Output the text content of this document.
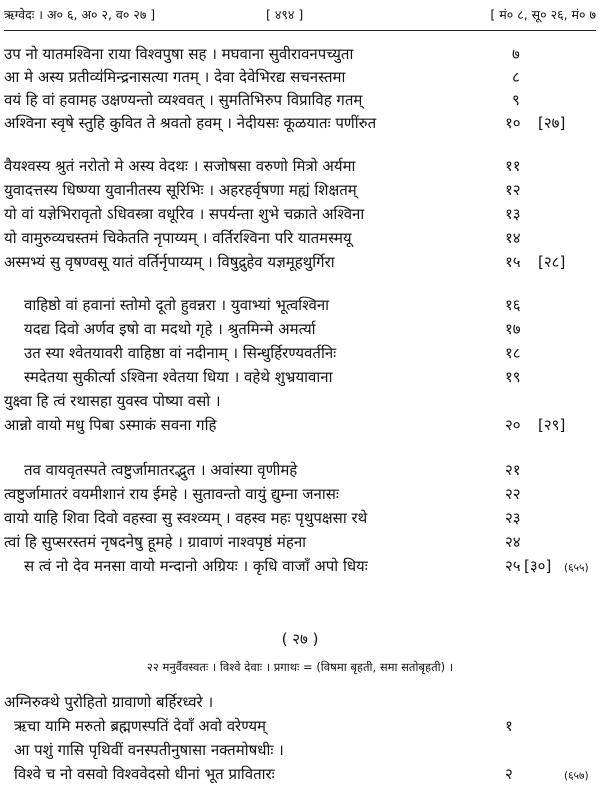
ऋग्वेदः । अ० ६, अ० २, व० २७ ]	[ ४९४ ]	[ मं० ८, सू० २६, मं० ७
उप नो यातमश्विना राया विश्वपुषा सह । मघवाना सुवीरावनपच्युता	७
आ मे अस्य प्रतीव्य॑मिन्द्रनासत्या गतम् । देवा देवेभिरद्य सचनस्तमा	८
वयं हि वां हवामह उक्षण्यन्तो व्यश्ववत् । सुमतिभिरुप विप्राविह गतम्	९
अश्विना स्वृषे स्तुहि कुवित ते श्रवतो हवम् । नेदीयसः कूळयातः पणींरुत	१० [२७]
वैयश्वस्य श्रुतं नरोतो मे अस्य वेदथः । सजोषसा वरुणो मित्रो अर्यमा	११
युवादत्तस्य धिष्ण्या युवानीतस्य सूरिभिः । अहरहर्वृषणा मह्यं शिक्षतम्	१२
यो वां यज्ञेभिरावृतो ऽधिवस्त्रा वधूरिव । सपर्यन्ता शुभे चक्राते अश्विना	१३
यो वामुरुव्यचस्तमं चिकेतति नृपाय्यम् । वर्तिरश्विना परि यातमस्मयू	१४
अस्मभ्यं सु वृषण्वसू यातं वर्तिर्नृपाय्यम् । विषुद्रुहेव यज्ञमूहथुर्गिरा	१५ [२८]
वाहिष्ठो वां हवानां स्तोमो दूतो हुवन्नरा । युवाभ्यां भूत्वश्विना	१६
यदद्य दिवो अर्णव इषो वा मदथो गृहे । श्रुतमिन्मे अमर्त्या	१७
उत स्या श्वेतयावरी वाहिष्ठा वां नदीनाम् । सिन्धुर्हिरण्यवर्तनिः	१८
स्मदेतया सुकीर्त्या ऽश्विना श्वेतया धिया । वहेथे शुभ्रयावाना	१९
युक्ष्वा हि त्वं रथासहा युवस्व पोष्या वसो ।
आन्नो वायो मधु पिबा ऽस्माकं सवना गहि	२० [२९]
तव वायवृतस्पते त्वष्टुर्जामातरद्भुत । अवांस्या वृणीमहे	२१
त्वष्टुर्जामातरं वयमीशानं राय ईमहे । सुतावन्तो वायुं द्युम्ना जनासः	२२
वायो याहि शिवा दिवो वहस्वा सु स्वश्व्यम् । वहस्व महः पृथुपक्षसा रथे	२३
त्वां हि सुप्सरस्तमं नृषदनेषु हूमहे । ग्रावाणं नाश्वपृष्ठं मंहना	२४
स त्वं नो देव मनसा वायो मन्दानो अग्रियः । कृधि वाजाँ अपो धियः	२५ [३०] (६५५)
( २७ )
२२ मनुर्वैवस्वतः । विश्वे देवाः । प्रगाथः = (विषमा बृहती, समा सतोबृहती) ।
अग्निरुक्थे पुरोहितो ग्रावाणो बर्हिरध्वरे ।
ऋचा यामि मरुतो ब्रह्मणस्पतिं देवाँ अवो वरेण्यम्	१
आ पशुं गासि पृथिवीं वनस्पतीनुषासा नक्तमोषधीः ।
विश्वे च नो वसवो विश्ववेदसो धीनां भूत प्रावितारः	२	(६५७)
